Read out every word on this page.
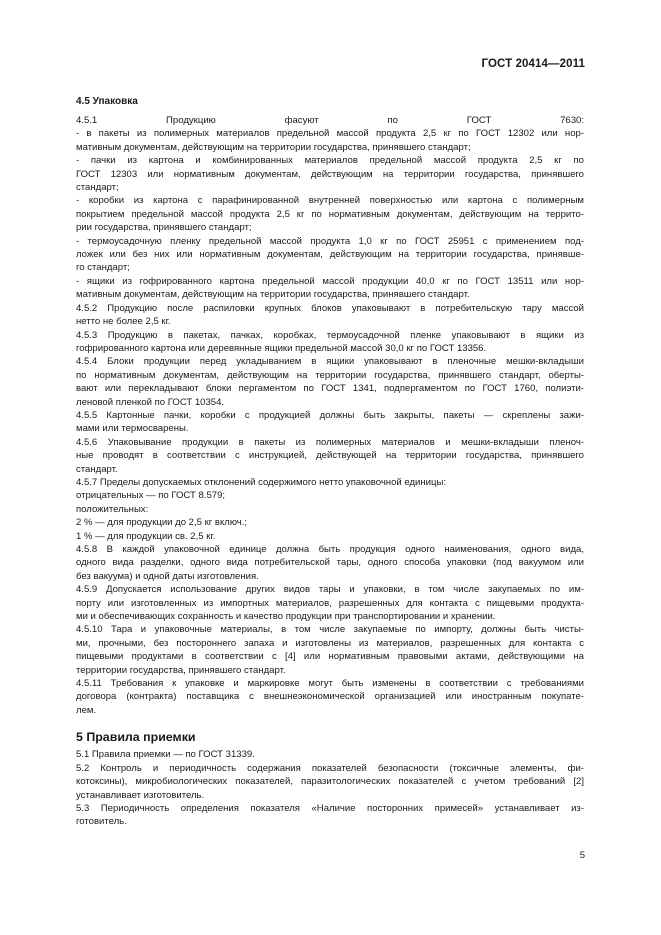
ГОСТ 20414—2011
4.5 Упаковка
4.5.1 Продукцию фасуют по ГОСТ 7630:
- в пакеты из полимерных материалов предельной массой продукта 2,5 кг по ГОСТ 12302 или нор-
мативным документам, действующим на территории государства, принявшего стандарт;
- пачки из картона и комбинированных материалов предельной массой продукта 2,5 кг по
ГОСТ 12303 или нормативным документам, действующим на территории государства, принявшего
стандарт;
- коробки из картона с парафинированной внутренней поверхностью или картона с полимерным
покрытием предельной массой продукта 2,5 кг по нормативным документам, действующим на террито-
рии государства, принявшего стандарт;
- термоусадочную пленку предельной массой продукта 1,0 кг по ГОСТ 25951 с применением под-
ложек или без них или нормативным документам, действующим на территории государства, принявше-
го стандарт;
- ящики из гофрированного картона предельной массой продукции 40,0 кг по ГОСТ 13511 или нор-
мативным документам, действующим на территории государства, принявшего стандарт.
4.5.2 Продукцию после распиловки крупных блоков упаковывают в потребительскую тару массой
нетто не более 2,5 кг.
4.5.3 Продукцию в пакетах, пачках, коробках, термоусадочной пленке упаковывают в ящики из
гофрированного картона или деревянные ящики предельной массой 30,0 кг по ГОСТ 13356.
4.5.4 Блоки продукции перед укладыванием в ящики упаковывают в пленочные мешки-вкладыши
по нормативным документам, действующим на территории государства, принявшего стандарт, оберты-
вают или перекладывают блоки пергаментом по ГОСТ 1341, подпергаментом по ГОСТ 1760, полиэти-
леновой пленкой по ГОСТ 10354.
4.5.5 Картонные пачки, коробки с продукцией должны быть закрыты, пакеты — скреплены зажи-
мами или термосварены.
4.5.6 Упаковывание продукции в пакеты из полимерных материалов и мешки-вкладыши пленоч-
ные проводят в соответствии с инструкцией, действующей на территории государства, принявшего
стандарт.
4.5.7 Пределы допускаемых отклонений содержимого нетто упаковочной единицы:
отрицательных — по ГОСТ 8.579;
положительных:
2 % — для продукции до 2,5 кг включ.;
1 % — для продукции св. 2,5 кг.
4.5.8 В каждой упаковочной единице должна быть продукция одного наименования, одного вида,
одного вида разделки, одного вида потребительской тары, одного способа упаковки (под вакуумом или
без вакуума) и одной даты изготовления.
4.5.9 Допускается использование других видов тары и упаковки, в том числе закупаемых по им-
порту или изготовленных из импортных материалов, разрешенных для контакта с пищевыми продукта-
ми и обеспечивающих сохранность и качество продукции при транспортировании и хранении.
4.5.10 Тара и упаковочные материалы, в том числе закупаемые по импорту, должны быть чисты-
ми, прочными, без постороннего запаха и изготовлены из материалов, разрешенных для контакта с
пищевыми продуктами в соответствии с [4] или нормативным правовыми актами, действующими на
территории государства, принявшего стандарт.
4.5.11 Требования к упаковке и маркировке могут быть изменены в соответствии с требованиями
договора (контракта) поставщика с внешнеэкономической организацией или иностранным покупате-
лем.
5 Правила приемки
5.1 Правила приемки — по ГОСТ 31339.
5.2 Контроль и периодичность содержания показателей безопасности (токсичные элементы, фи-
котоксины), микробиологических показателей, паразитологических показателей с учетом требований [2]
устанавливает изготовитель.
5.3 Периодичность определения показателя «Наличие посторонних примесей» устанавливает из-
готовитель.
5
